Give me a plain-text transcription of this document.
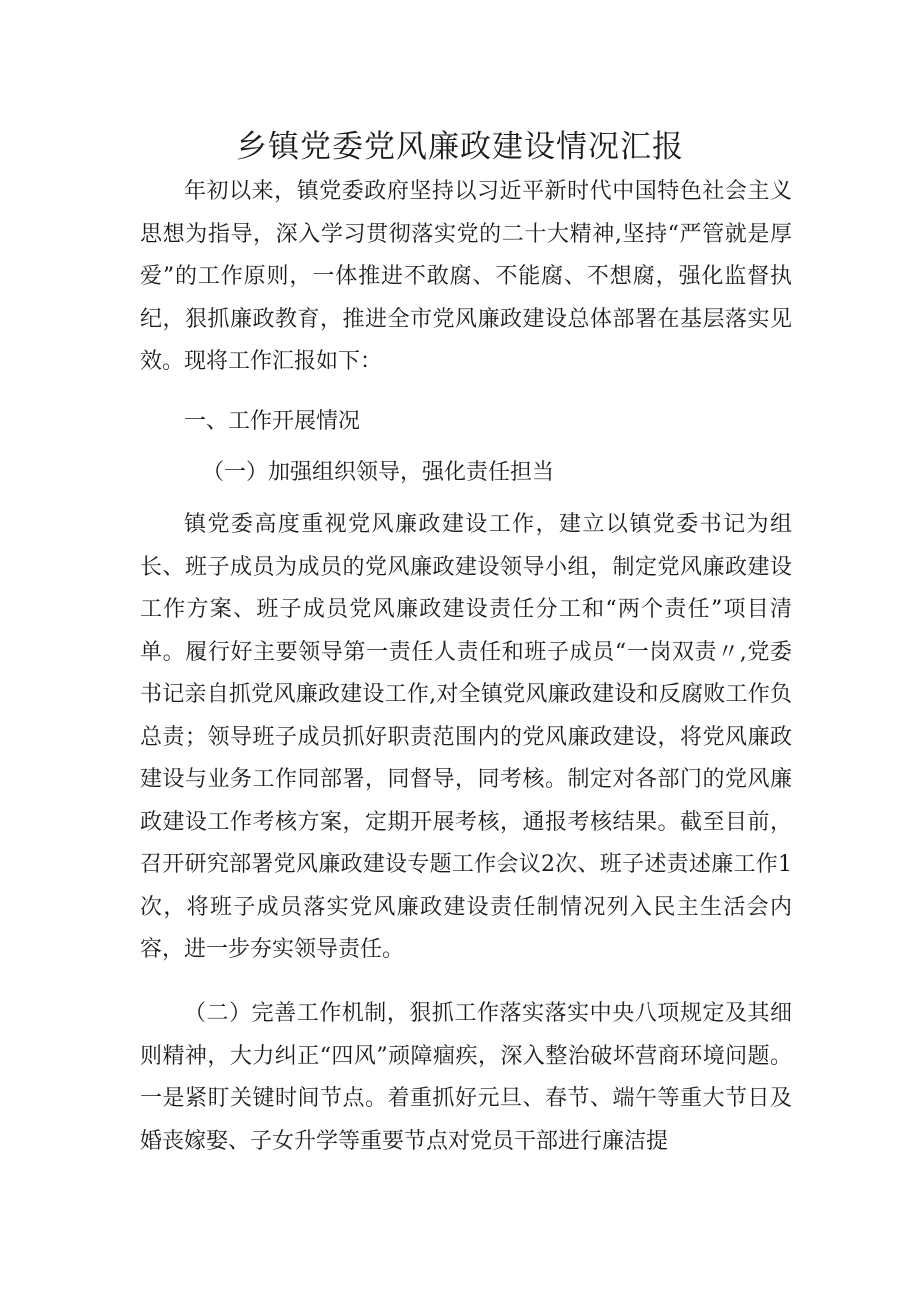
乡镇党委党风廉政建设情况汇报

年初以来，镇党委政府坚持以习近平新时代中国特色社会主义思想为指导，深入学习贯彻落实党的二十大精神,坚持“严管就是厚爱”的工作原则，一体推进不敢腐、不能腐、不想腐，强化监督执纪，狠抓廉政教育，推进全市党风廉政建设总体部署在基层落实见效。现将工作汇报如下：

一、工作开展情况

（一）加强组织领导，强化责任担当

镇党委高度重视党风廉政建设工作，建立以镇党委书记为组长、班子成员为成员的党风廉政建设领导小组，制定党风廉政建设工作方案、班子成员党风廉政建设责任分工和“两个责任”项目清单。履行好主要领导第一责任人责任和班子成员“一岗双责〃,党委书记亲自抓党风廉政建设工作,对全镇党风廉政建设和反腐败工作负总责；领导班子成员抓好职责范围内的党风廉政建设，将党风廉政建设与业务工作同部署，同督导，同考核。制定对各部门的党风廉政建设工作考核方案，定期开展考核，通报考核结果。截至目前，召开研究部署党风廉政建设专题工作会议2次、班子述责述廉工作1次，将班子成员落实党风廉政建设责任制情况列入民主生活会内容，进一步夯实领导责任。

（二）完善工作机制，狠抓工作落实落实中央八项规定及其细则精神，大力纠正“四风”顽障痼疾，深入整治破坏营商环境问题。一是紧盯关键时间节点。着重抓好元旦、春节、端午等重大节日及婚丧嫁娶、子女升学等重要节点对党员干部进行廉洁提
